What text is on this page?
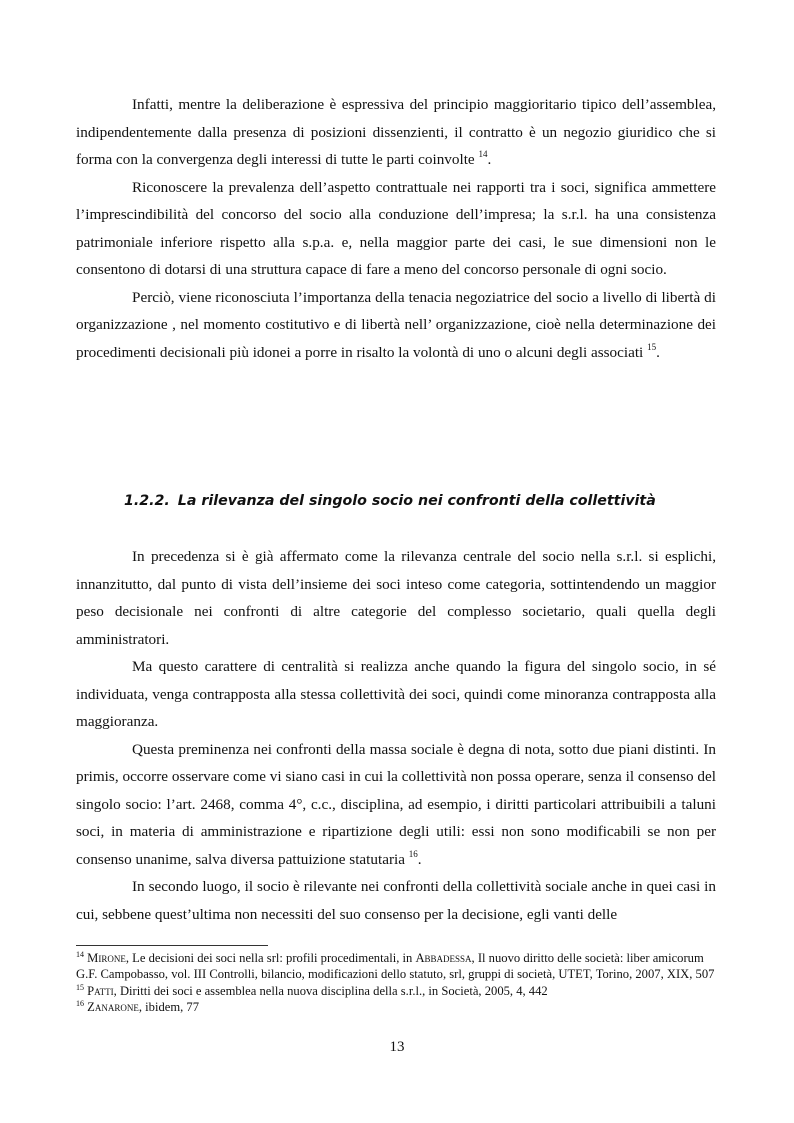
Infatti, mentre la deliberazione è espressiva del principio maggioritario tipico dell’assemblea, indipendentemente dalla presenza di posizioni dissenzienti, il contratto è un negozio giuridico che si forma con la convergenza degli interessi di tutte le parti coinvolte $^{14}$.

Riconoscere la prevalenza dell’aspetto contrattuale nei rapporti tra i soci, significa ammettere l’imprescindibilità del concorso del socio alla conduzione dell’impresa; la s.r.l. ha una consistenza patrimoniale inferiore rispetto alla s.p.a. e, nella maggior parte dei casi, le sue dimensioni non le consentono di dotarsi di una struttura capace di fare a meno del concorso personale di ogni socio.

Perciò, viene riconosciuta l’importanza della tenacia negoziatrice del socio a livello di libertà di organizzazione , nel momento costitutivo e di libertà nell’ organizzazione, cioè nella determinazione dei procedimenti decisionali più idonei a porre in risalto la volontà di uno o alcuni degli associati $^{15}$.

1.2.2. La rilevanza del singolo socio nei confronti della collettività

In precedenza si è già affermato come la rilevanza centrale del socio nella s.r.l. si esplichi, innanzitutto, dal punto di vista dell’insieme dei soci inteso come categoria, sottintendendo un maggior peso decisionale nei confronti di altre categorie del complesso societario, quali quella degli amministratori.

Ma questo carattere di centralità si realizza anche quando la figura del singolo socio, in sé individuata, venga contrapposta alla stessa collettività dei soci, quindi come minoranza contrapposta alla maggioranza.

Questa preminenza nei confronti della massa sociale è degna di nota, sotto due piani distinti. In primis, occorre osservare come vi siano casi in cui la collettività non possa operare, senza il consenso del singolo socio: l’art. 2468, comma 4°, c.c., disciplina, ad esempio, i diritti particolari attribuibili a taluni soci, in materia di amministrazione e ripartizione degli utili: essi non sono modificabili se non per consenso unanime, salva diversa pattuizione statutaria $^{16}$.

In secondo luogo, il socio è rilevante nei confronti della collettività sociale anche in quei casi in cui, sebbene quest’ultima non necessiti del suo consenso per la decisione, egli vanti delle

$^{14}$ Mirone, Le decisioni dei soci nella srl: profili procedimentali, in Abbadessa, Il nuovo diritto delle società: liber amicorum G.F. Campobasso, vol. III Controlli, bilancio, modificazioni dello statuto, srl, gruppi di società, UTET, Torino, 2007, XIX, 507

$^{15}$ Patti, Diritti dei soci e assemblea nella nuova disciplina della s.r.l., in Società, 2005, 4, 442

$^{16}$ Zanarone, ibidem, 77

13
